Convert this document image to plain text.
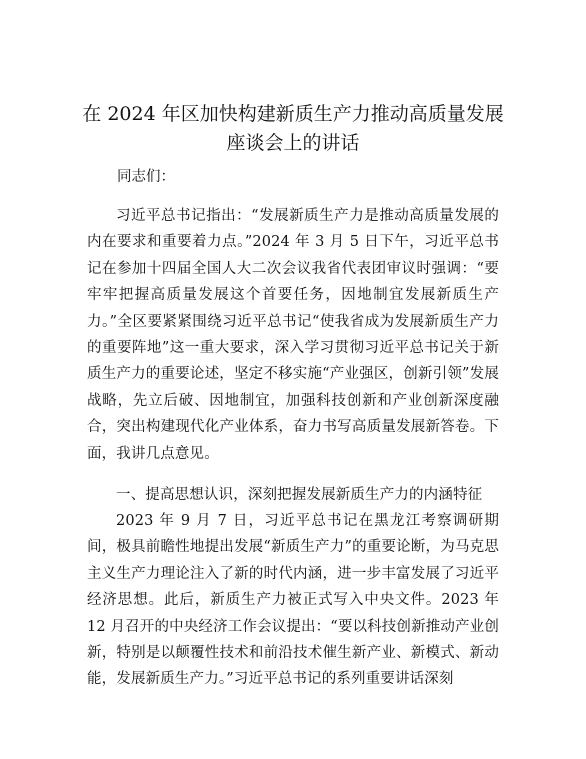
在 2024 年区加快构建新质生产力推动高质量发展座谈会上的讲话

同志们：

习近平总书记指出：“发展新质生产力是推动高质量发展的内在要求和重要着力点。”2024 年 3 月 5 日下午，习近平总书记在参加十四届全国人大二次会议我省代表团审议时强调：“要牢牢把握高质量发展这个首要任务，因地制宜发展新质生产力。”全区要紧紧围绕习近平总书记“使我省成为发展新质生产力的重要阵地”这一重大要求，深入学习贯彻习近平总书记关于新质生产力的重要论述，坚定不移实施“产业强区，创新引领”发展战略，先立后破、因地制宜，加强科技创新和产业创新深度融合，突出构建现代化产业体系，奋力书写高质量发展新答卷。下面，我讲几点意见。

一、提高思想认识，深刻把握发展新质生产力的内涵特征

2023 年 9 月 7 日，习近平总书记在黑龙江考察调研期间，极具前瞻性地提出发展“新质生产力”的重要论断，为马克思主义生产力理论注入了新的时代内涵，进一步丰富发展了习近平经济思想。此后，新质生产力被正式写入中央文件。2023 年 12 月召开的中央经济工作会议提出：“要以科技创新推动产业创新，特别是以颠覆性技术和前沿技术催生新产业、新模式、新动能，发展新质生产力。”习近平总书记的系列重要讲话深刻
